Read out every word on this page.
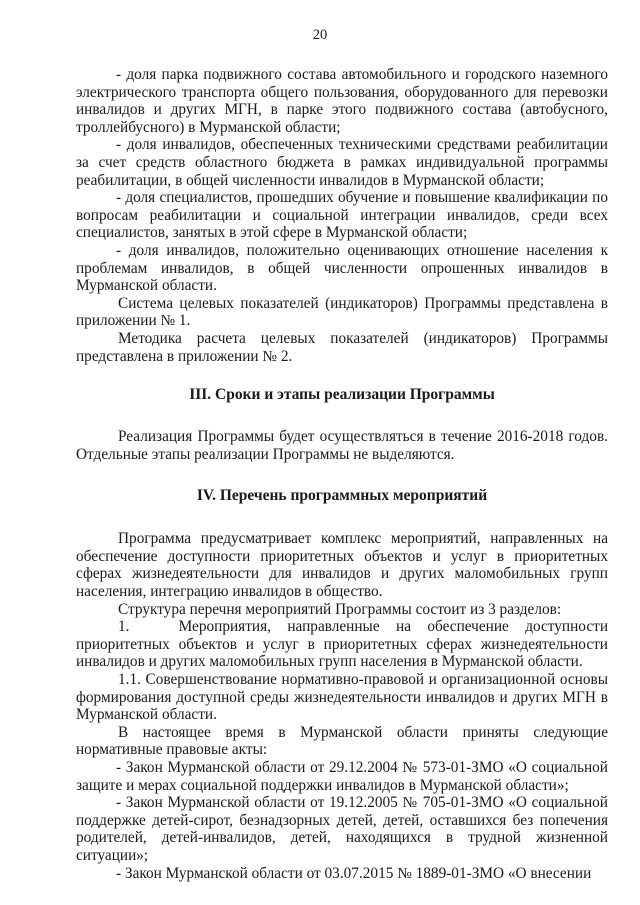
20

- доля парка подвижного состава автомобильного и городского наземного электрического транспорта общего пользования, оборудованного для перевозки инвалидов и других МГН, в парке этого подвижного состава (автобусного, троллейбусного) в Мурманской области;

- доля инвалидов, обеспеченных техническими средствами реабилитации за счет средств областного бюджета в рамках индивидуальной программы реабилитации, в общей численности инвалидов в Мурманской области;

- доля специалистов, прошедших обучение и повышение квалификации по вопросам реабилитации и социальной интеграции инвалидов, среди всех специалистов, занятых в этой сфере в Мурманской области;

- доля инвалидов, положительно оценивающих отношение населения к проблемам инвалидов, в общей численности опрошенных инвалидов в Мурманской области.

Система целевых показателей (индикаторов) Программы представлена в приложении № 1.

Методика расчета целевых показателей (индикаторов) Программы представлена в приложении № 2.

III. Сроки и этапы реализации Программы

Реализация Программы будет осуществляться в течение 2016-2018 годов. Отдельные этапы реализации Программы не выделяются.

IV. Перечень программных мероприятий

Программа предусматривает комплекс мероприятий, направленных на обеспечение доступности приоритетных объектов и услуг в приоритетных сферах жизнедеятельности для инвалидов и других маломобильных групп населения, интеграцию инвалидов в общество.

Структура перечня мероприятий Программы состоит из 3 разделов:

1.   Мероприятия, направленные на обеспечение доступности приоритетных объектов и услуг в приоритетных сферах жизнедеятельности инвалидов и других маломобильных групп населения в Мурманской области.

1.1. Совершенствование нормативно-правовой и организационной основы формирования доступной среды жизнедеятельности инвалидов и других МГН в Мурманской области.

В настоящее время в Мурманской области приняты следующие нормативные правовые акты:

- Закон Мурманской области от 29.12.2004 № 573-01-ЗМО «О социальной защите и мерах социальной поддержки инвалидов в Мурманской области»;

- Закон Мурманской области от 19.12.2005 № 705-01-ЗМО «О социальной поддержке детей-сирот, безнадзорных детей, детей, оставшихся без попечения родителей, детей-инвалидов, детей, находящихся в трудной жизненной ситуации»;

- Закон Мурманской области от 03.07.2015 № 1889-01-ЗМО «О внесении
